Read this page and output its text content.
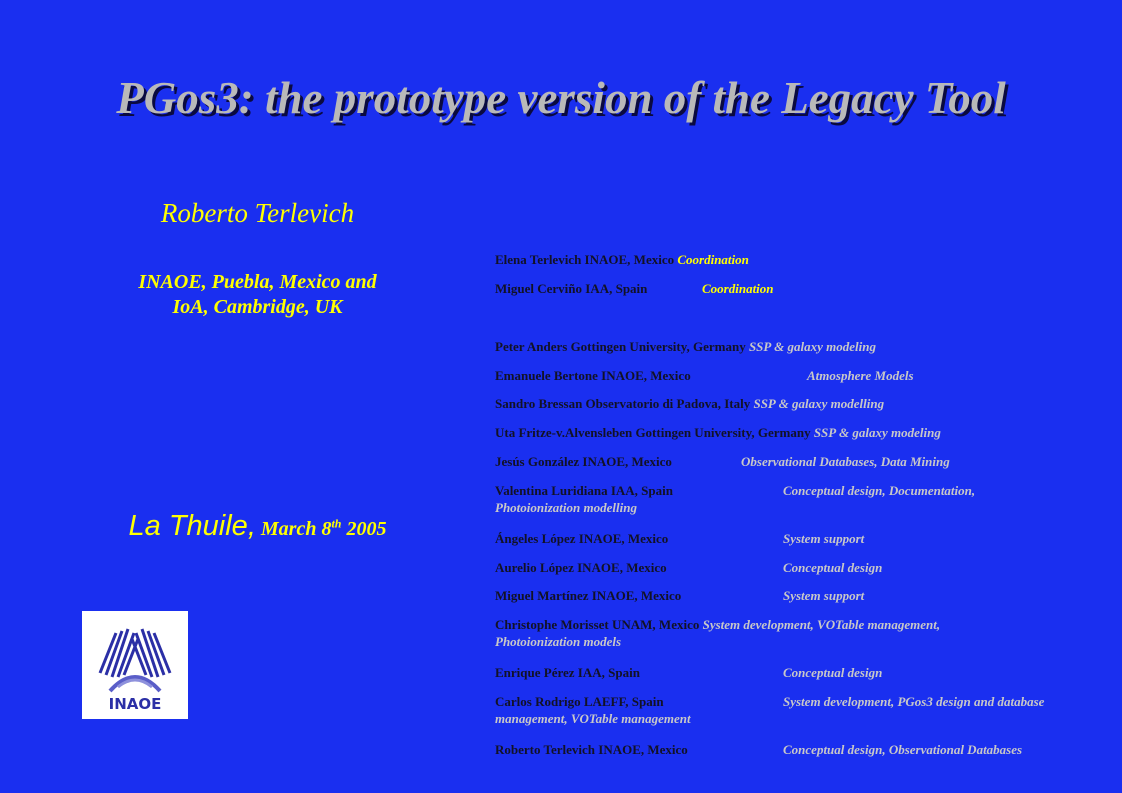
PGos3: the prototype version of the Legacy Tool
Roberto Terlevich
INAOE, Puebla, Mexico and
IoA, Cambridge, UK
La Thuile, March 8th 2005
INAOE
Elena Terlevich INAOE, Mexico Coordination
Miguel Cerviño IAA, Spain	Coordination
Peter Anders Gottingen University, Germany SSP & galaxy modeling
Emanuele Bertone INAOE, Mexico	Atmosphere Models
Sandro Bressan Observatorio di Padova, Italy SSP & galaxy modelling
Uta Fritze-v.Alvensleben Gottingen University, Germany SSP & galaxy modeling
Jesús González INAOE, Mexico	Observational Databases, Data Mining
Valentina Luridiana IAA, Spain	Conceptual design, Documentation,
Photoionization modelling
Ángeles López INAOE, Mexico	System support
Aurelio López INAOE, Mexico	Conceptual design
Miguel Martínez INAOE, Mexico	System support
Christophe Morisset UNAM, Mexico System development, VOTable management,
Photoionization models
Enrique Pérez IAA, Spain	Conceptual design
Carlos Rodrigo LAEFF, Spain	System development, PGos3 design and database
management, VOTable management
Roberto Terlevich INAOE, Mexico	Conceptual design, Observational Databases
